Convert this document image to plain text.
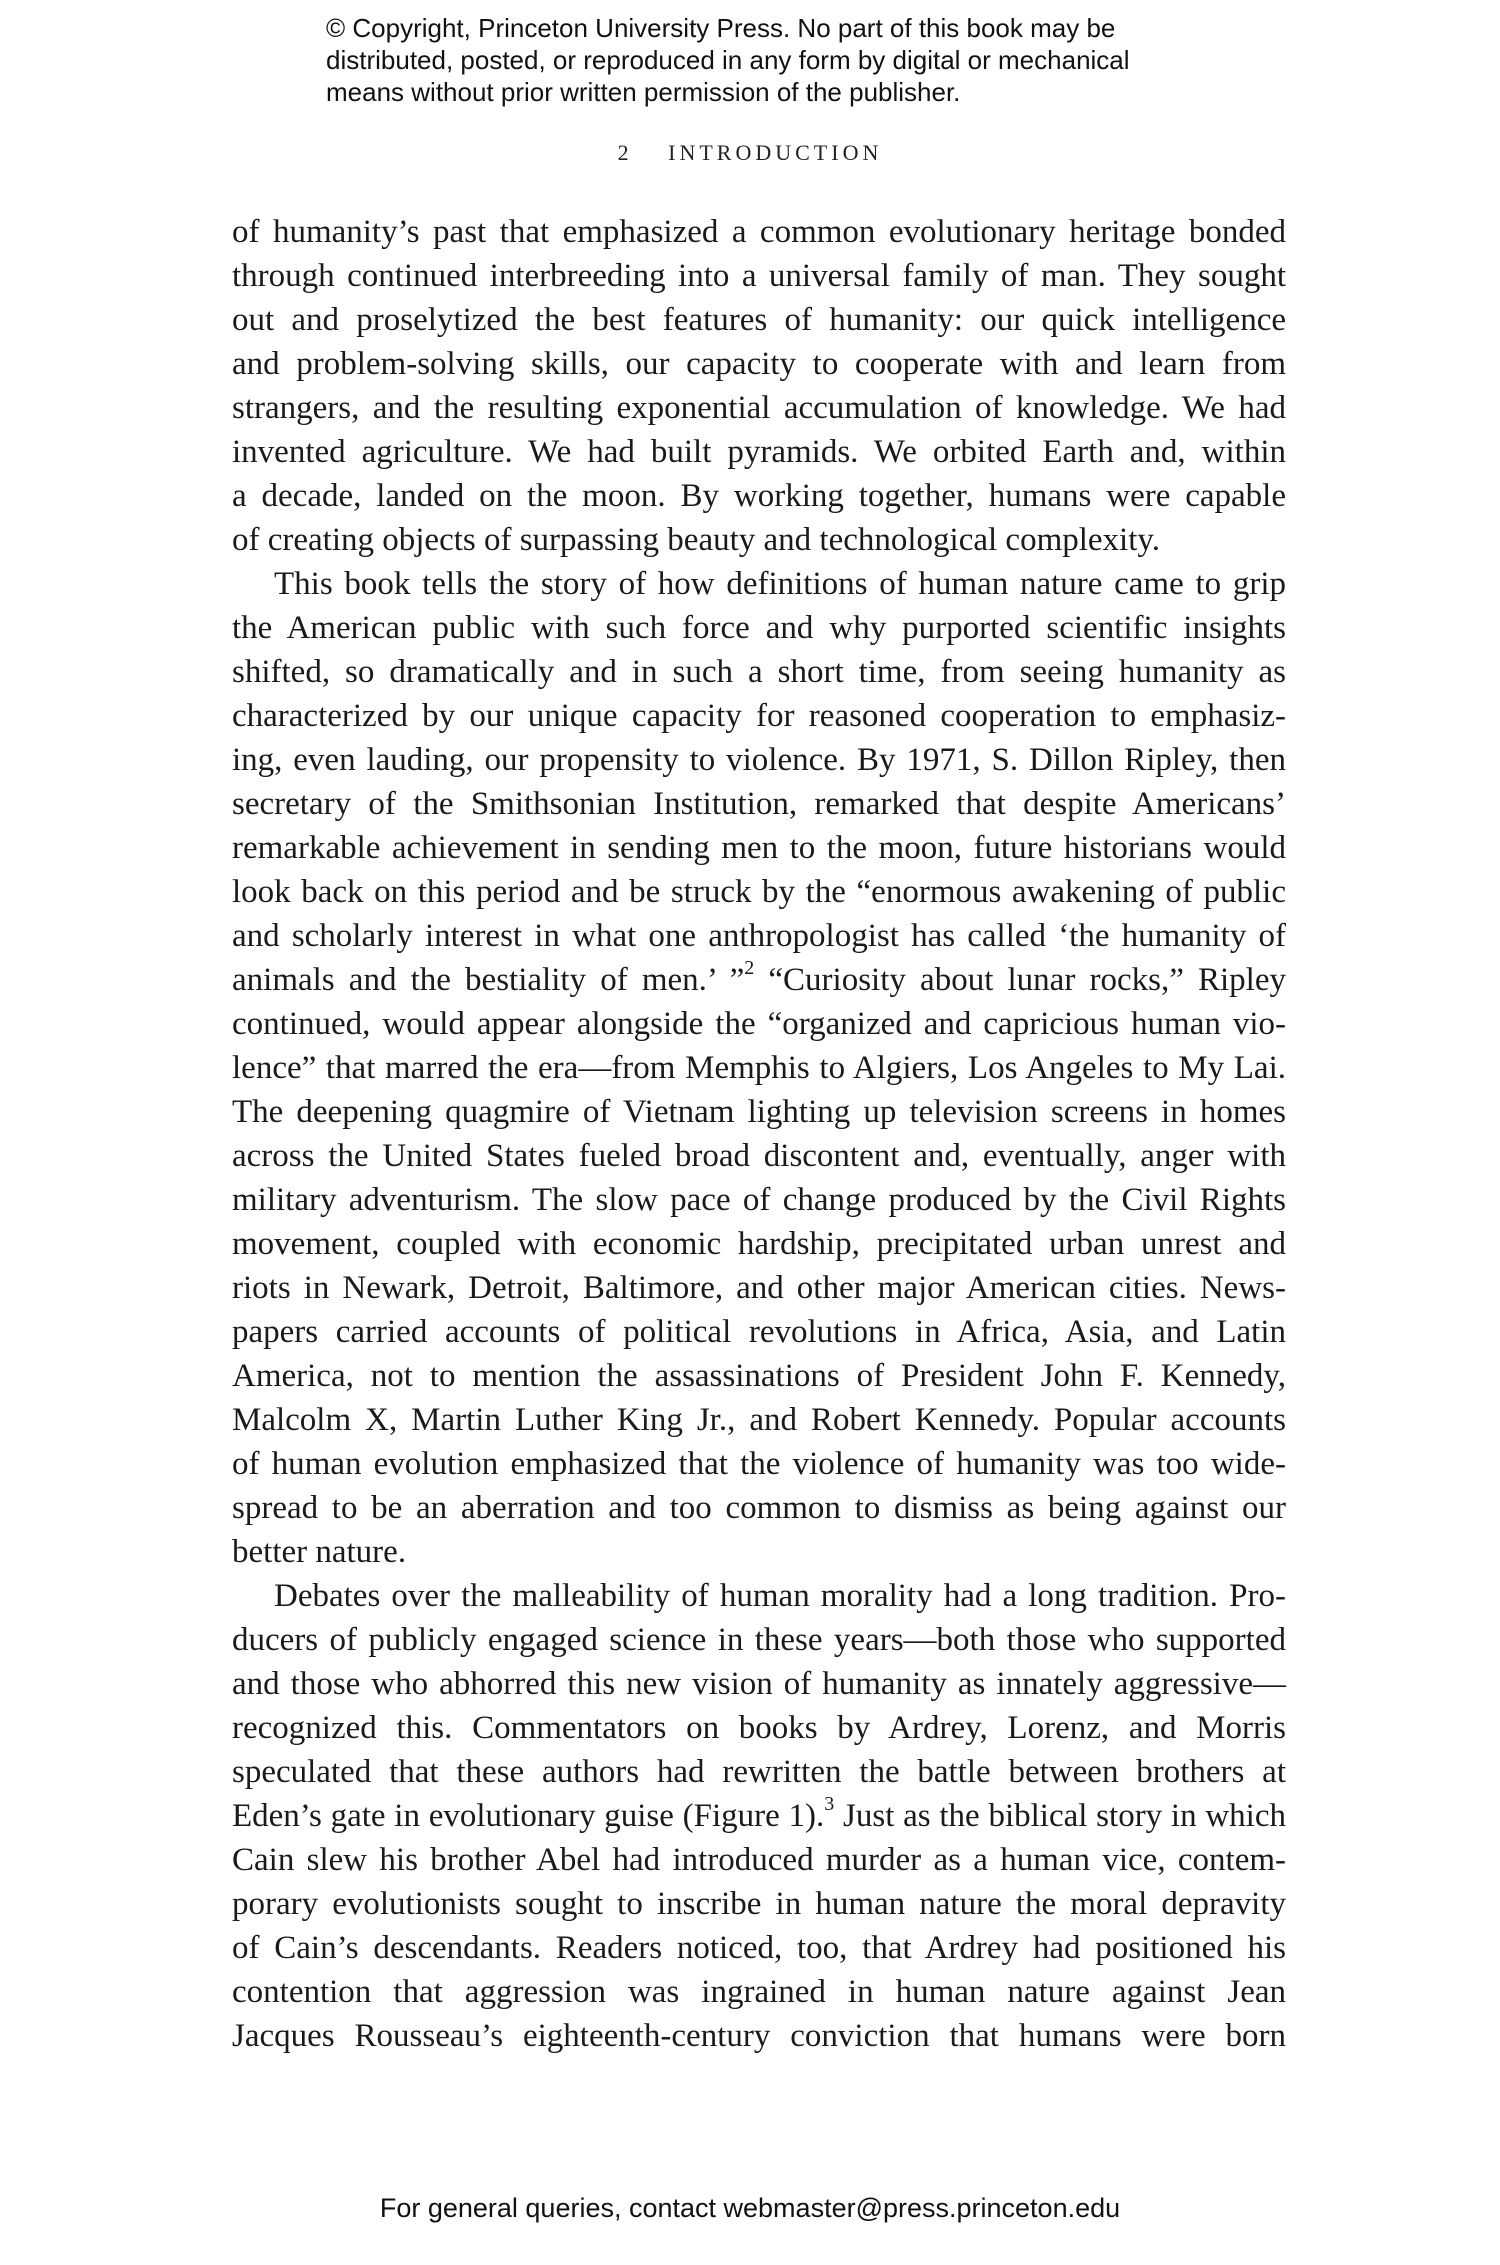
© Copyright, Princeton University Press. No part of this book may be
distributed, posted, or reproduced in any form by digital or mechanical
means without prior written permission of the publisher.
2 INTRODUCTION
of humanity’s past that emphasized a common evolutionary heritage bonded
through continued interbreeding into a universal family of man. They sought
out and proselytized the best features of humanity: our quick intelligence
and problem-solving skills, our capacity to cooperate with and learn from
strangers, and the resulting exponential accumulation of knowledge. We had
invented agriculture. We had built pyramids. We orbited Earth and, within
a decade, landed on the moon. By working together, humans were capable
of creating objects of surpassing beauty and technological complexity.
This book tells the story of how definitions of human nature came to grip
the American public with such force and why purported scientific insights
shifted, so dramatically and in such a short time, from seeing humanity as
characterized by our unique capacity for reasoned cooperation to emphasiz-
ing, even lauding, our propensity to violence. By 1971, S. Dillon Ripley, then
secretary of the Smithsonian Institution, remarked that despite Americans’
remarkable achievement in sending men to the moon, future historians would
look back on this period and be struck by the “enormous awakening of public
and scholarly interest in what one anthropologist has called ‘the humanity of
animals and the bestiality of men.’ ”$^2$ “Curiosity about lunar rocks,” Ripley
continued, would appear alongside the “organized and capricious human vio-
lence” that marred the era—from Memphis to Algiers, Los Angeles to My Lai.
The deepening quagmire of Vietnam lighting up television screens in homes
across the United States fueled broad discontent and, eventually, anger with
military adventurism. The slow pace of change produced by the Civil Rights
movement, coupled with economic hardship, precipitated urban unrest and
riots in Newark, Detroit, Baltimore, and other major American cities. News-
papers carried accounts of political revolutions in Africa, Asia, and Latin
America, not to mention the assassinations of President John F. Kennedy,
Malcolm X, Martin Luther King Jr., and Robert Kennedy. Popular accounts
of human evolution emphasized that the violence of humanity was too wide-
spread to be an aberration and too common to dismiss as being against our
better nature.
Debates over the malleability of human morality had a long tradition. Pro-
ducers of publicly engaged science in these years—both those who supported
and those who abhorred this new vision of humanity as innately aggressive—
recognized this. Commentators on books by Ardrey, Lorenz, and Morris
speculated that these authors had rewritten the battle between brothers at
Eden’s gate in evolutionary guise (Figure 1).$^3$ Just as the biblical story in which
Cain slew his brother Abel had introduced murder as a human vice, contem-
porary evolutionists sought to inscribe in human nature the moral depravity
of Cain’s descendants. Readers noticed, too, that Ardrey had positioned his
contention that aggression was ingrained in human nature against Jean
Jacques Rousseau’s eighteenth-century conviction that humans were born
For general queries, contact webmaster@press.princeton.edu
